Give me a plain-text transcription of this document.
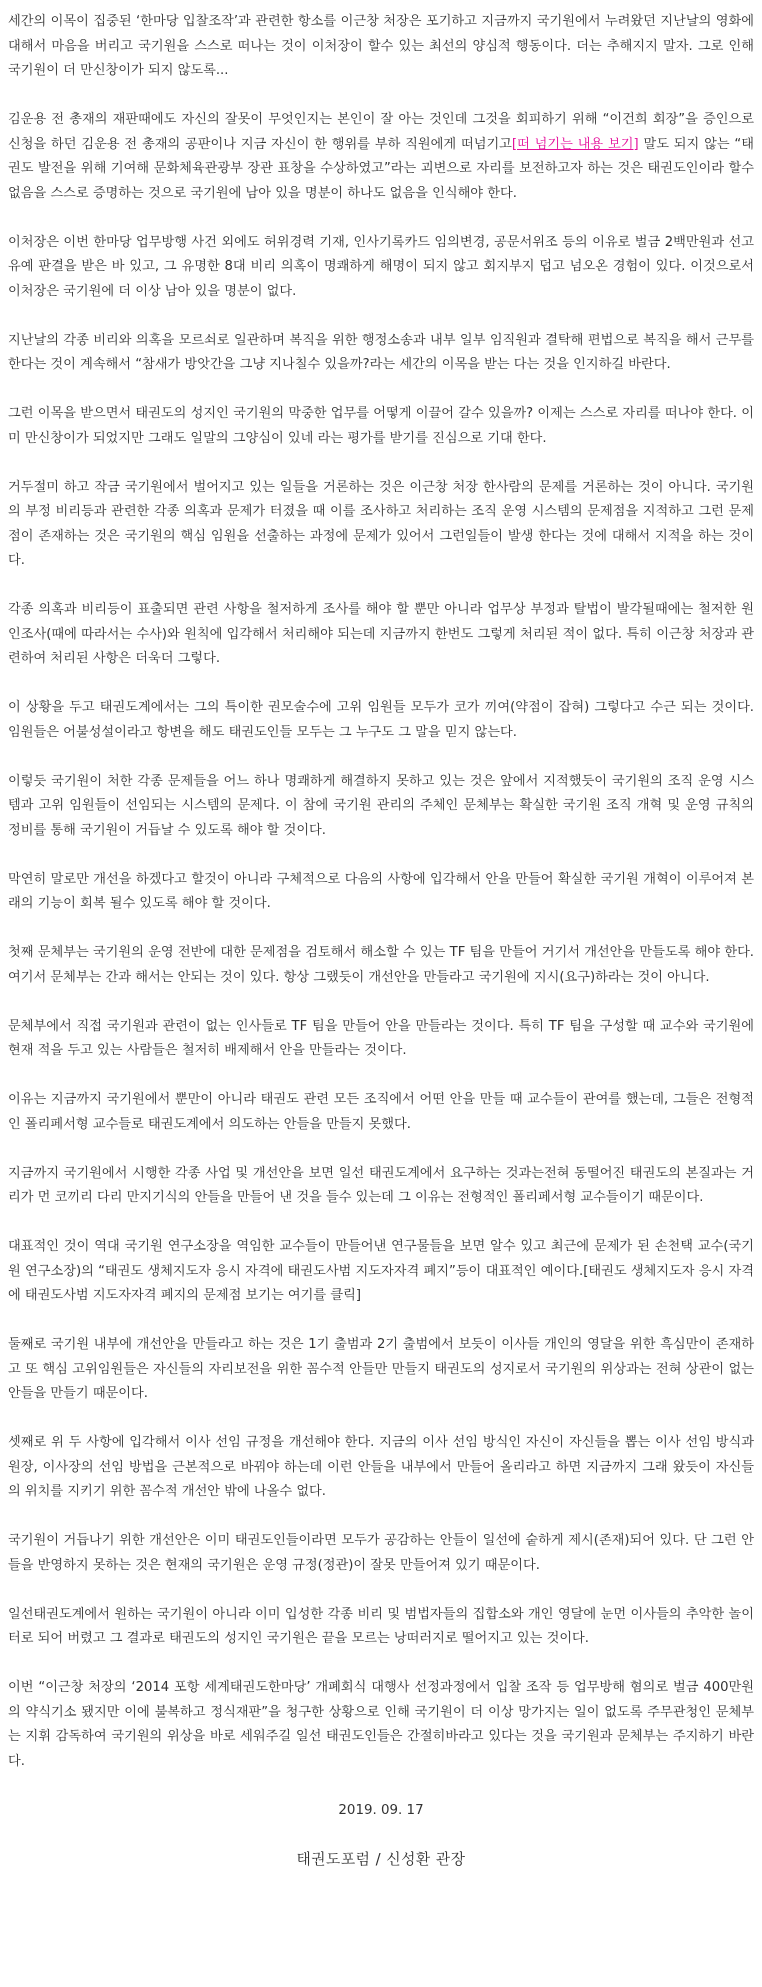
세간의 이목이 집중된 ‘한마당 입찰조작’과 관련한 항소를 이근창 처장은 포기하고 지금까지 국기원에서 누려왔던 지난날의 영화에 대해서 마음을 버리고 국기원을 스스로 떠나는 것이 이처장이 할수 있는 최선의 양심적 행동이다. 더는 추해지지 말자. 그로 인해 국기원이 더 만신창이가 되지 않도록...

김운용 전 총재의 재판때에도 자신의 잘못이 무엇인지는 본인이 잘 아는 것인데 그것을 회피하기 위해 “이건희 회장”을 증인으로 신청을 하던 김운용 전 총재의 공판이나 지금 자신이 한 행위를 부하 직원에게 떠넘기고[떠 넘기는 내용 보기] 말도 되지 않는 “태권도 발전을 위해 기여해 문화체육관광부 장관 표창을 수상하였고”라는 괴변으로 자리를 보전하고자 하는 것은 태권도인이라 할수 없음을 스스로 증명하는 것으로 국기원에 남아 있을 명분이 하나도 없음을 인식해야 한다.

이처장은 이번 한마당 업무방행 사건 외에도 허위경력 기재, 인사기록카드 임의변경, 공문서위조 등의 이유로 벌금 2백만원과 선고유예 판결을 받은 바 있고, 그 유명한 8대 비리 의혹이 명쾌하게 해명이 되지 않고 회지부지 덥고 넘오온 경험이 있다. 이것으로서 이처장은 국기원에 더 이상 남아 있을 명분이 없다.

지난날의 각종 비리와 의혹을 모르쇠로 일관하며 복직을 위한 행정소송과 내부 일부 임직원과 결탁해 편법으로 복직을 해서 근무를 한다는 것이 계속해서 “참새가 방앗간을 그냥 지나칠수 있을까?라는 세간의 이목을 받는 다는 것을 인지하길 바란다.

그런 이목을 받으면서 태권도의 성지인 국기원의 막중한 업무를 어떻게 이끌어 갈수 있을까? 이제는 스스로 자리를 떠나야 한다. 이미 만신창이가 되었지만 그래도 일말의 그양심이 있네 라는 평가를 받기를 진심으로 기대 한다.

거두절미 하고 작금 국기원에서 벌어지고 있는 일들을 거론하는 것은 이근창 처장 한사람의 문제를 거론하는 것이 아니다. 국기원의 부정 비리등과 관련한 각종 의혹과 문제가 터졌을 때 이를 조사하고 처리하는 조직 운영 시스템의 문제점을 지적하고 그런 문제점이 존재하는 것은 국기원의 핵심 임원을 선출하는 과정에 문제가 있어서 그런일들이 발생 한다는 것에 대해서 지적을 하는 것이다.

각종 의혹과 비리등이 표출되면 관련 사항을 철저하게 조사를 해야 할 뿐만 아니라 업무상 부정과 탈법이 발각될때에는 철저한 원인조사(때에 따라서는 수사)와 원칙에 입각해서 처리해야 되는데 지금까지 한번도 그렇게 처리된 적이 없다. 특히 이근창 처장과 관련하여 처리된 사항은 더욱더 그렇다.

이 상황을 두고 태권도계에서는 그의 특이한 권모술수에 고위 임원들 모두가 코가 끼여(약점이 잡혀) 그렇다고 수근 되는 것이다. 임원들은 어불성설이라고 항변을 해도 태권도인들 모두는 그 누구도 그 말을 믿지 않는다.

이렇듯 국기원이 처한 각종 문제들을 어느 하나 명쾌하게 해결하지 못하고 있는 것은 앞에서 지적했듯이 국기원의 조직 운영 시스템과 고위 임원들이 선임되는 시스템의 문제다. 이 참에 국기원 관리의 주체인 문체부는 확실한 국기원 조직 개혁 및 운영 규칙의 정비를 통해 국기원이 거듭날 수 있도록 해야 할 것이다.

막연히 말로만 개선을 하겠다고 할것이 아니라 구체적으로 다음의 사항에 입각해서 안을 만들어 확실한 국기원 개혁이 이루어져 본래의 기능이 회복 될수 있도록 해야 할 것이다.

첫째 문체부는 국기원의 운영 전반에 대한 문제점을 검토해서 해소할 수 있는 TF 팀을 만들어 거기서 개선안을 만들도록 해야 한다. 여기서 문체부는 간과 해서는 안되는 것이 있다. 항상 그랬듯이 개선안을 만들라고 국기원에 지시(요구)하라는 것이 아니다.

문체부에서 직접 국기원과 관련이 없는 인사들로 TF 팀을 만들어 안을 만들라는 것이다. 특히 TF 팀을 구성할 때 교수와 국기원에 현재 적을 두고 있는 사람들은 철저히 배제해서 안을 만들라는 것이다.

이유는 지금까지 국기원에서 뿐만이 아니라 태권도 관련 모든 조직에서 어떤 안을 만들 때 교수들이 관여를 했는데, 그들은 전형적인 폴리페서형 교수들로 태권도계에서 의도하는 안들을 만들지 못했다.

지금까지 국기원에서 시행한 각종 사업 및 개선안을 보면 일선 태권도계에서 요구하는 것과는전혀 동떨어진 태권도의 본질과는 거리가 먼 코끼리 다리 만지기식의 안들을 만들어 낸 것을 들수 있는데 그 이유는 전형적인 폴리페서형 교수들이기 때문이다.

대표적인 것이 역대 국기원 연구소장을 역임한 교수들이 만들어낸 연구물들을 보면 알수 있고 최근에 문제가 된 손천택 교수(국기원 연구소장)의 “태권도 생체지도자 응시 자격에 태권도사범 지도자자격 폐지”등이 대표적인 예이다.[태권도 생체지도자 응시 자격에 태권도사범 지도자자격 폐지의 문제점 보기는 여기를 클릭]

둘째로 국기원 내부에 개선안을 만들라고 하는 것은 1기 출범과 2기 출범에서 보듯이 이사들 개인의 영달을 위한 흑심만이 존재하고 또 핵심 고위임원들은 자신들의 자리보전을 위한 꼼수적 안들만 만들지 태권도의 성지로서 국기원의 위상과는 전혀 상관이 없는 안들을 만들기 때문이다.

셋째로 위 두 사항에 입각해서 이사 선임 규정을 개선해야 한다. 지금의 이사 선임 방식인 자신이 자신들을 뽑는 이사 선임 방식과 원장, 이사장의 선임 방법을 근본적으로 바꿔야 하는데 이런 안들을 내부에서 만들어 올리라고 하면 지금까지 그래 왔듯이 자신들의 위치를 지키기 위한 꼼수적 개선안 밖에 나올수 없다.

국기원이 거듭나기 위한 개선안은 이미 태권도인들이라면 모두가 공감하는 안들이 일선에 숱하게 제시(존재)되어 있다. 단 그런 안들을 반영하지 못하는 것은 현재의 국기원은 운영 규정(정관)이 잘못 만들어져 있기 때문이다.

일선태권도계에서 원하는 국기원이 아니라 이미 입성한 각종 비리 및 범법자들의 집합소와 개인 영달에 눈먼 이사들의 추악한 놀이터로 되어 버렸고 그 결과로 태권도의 성지인 국기원은 끝을 모르는 낭떠러지로 떨어지고 있는 것이다.

이번 “이근창 처장의 ‘2014 포항 세계태권도한마당’ 개폐회식 대행사 선정과정에서 입찰 조작 등 업무방해 혐의로 벌금 400만원의 약식기소 됐지만 이에 불복하고 정식재판”을 청구한 상황으로 인해 국기원이 더 이상 망가지는 일이 없도록 주무관청인 문체부는 지휘 감독하여 국기원의 위상을 바로 세워주길 일선 태권도인들은 간절히바라고 있다는 것을 국기원과 문체부는 주지하기 바란다.

2019. 09. 17

태권도포럼 / 신성환 관장
